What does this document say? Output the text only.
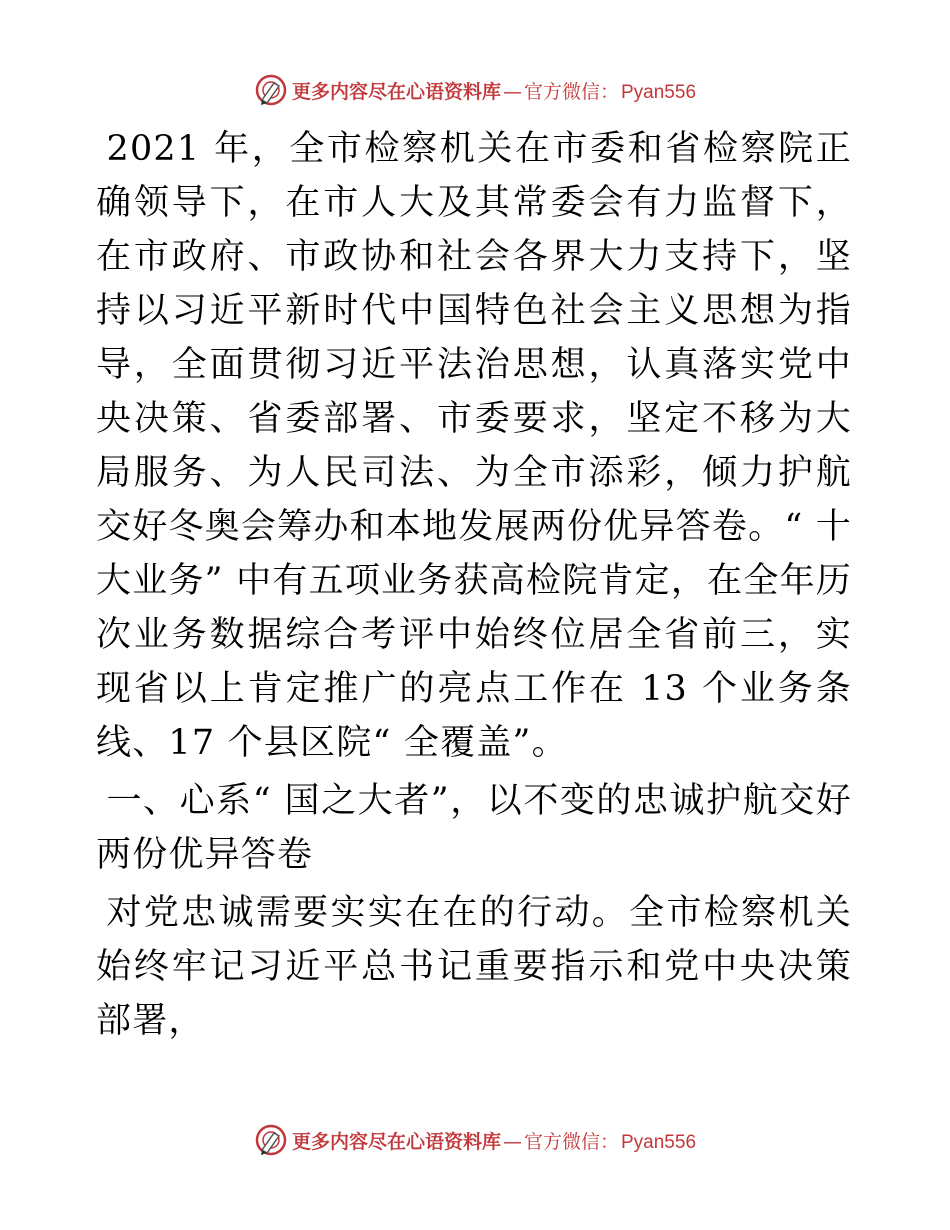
更多内容尽在心语资料库 — 官方微信： Pyan556

2021 年，全市检察机关在市委和省检察院正确领导下，在市人大及其常委会有力监督下，在市政府、市政协和社会各界大力支持下，坚持以习近平新时代中国特色社会主义思想为指导，全面贯彻习近平法治思想，认真落实党中央决策、省委部署、市委要求，坚定不移为大局服务、为人民司法、为全市添彩，倾力护航交好冬奥会筹办和本地发展两份优异答卷。“ 十大业务” 中有五项业务获高检院肯定，在全年历次业务数据综合考评中始终位居全省前三，实现省以上肯定推广的亮点工作在 13 个业务条线、17 个县区院“ 全覆盖”。

一、心系“ 国之大者”，以不变的忠诚护航交好两份优异答卷

对党忠诚需要实实在在的行动。全市检察机关始终牢记习近平总书记重要指示和党中央决策部署，

更多内容尽在心语资料库 — 官方微信： Pyan556
